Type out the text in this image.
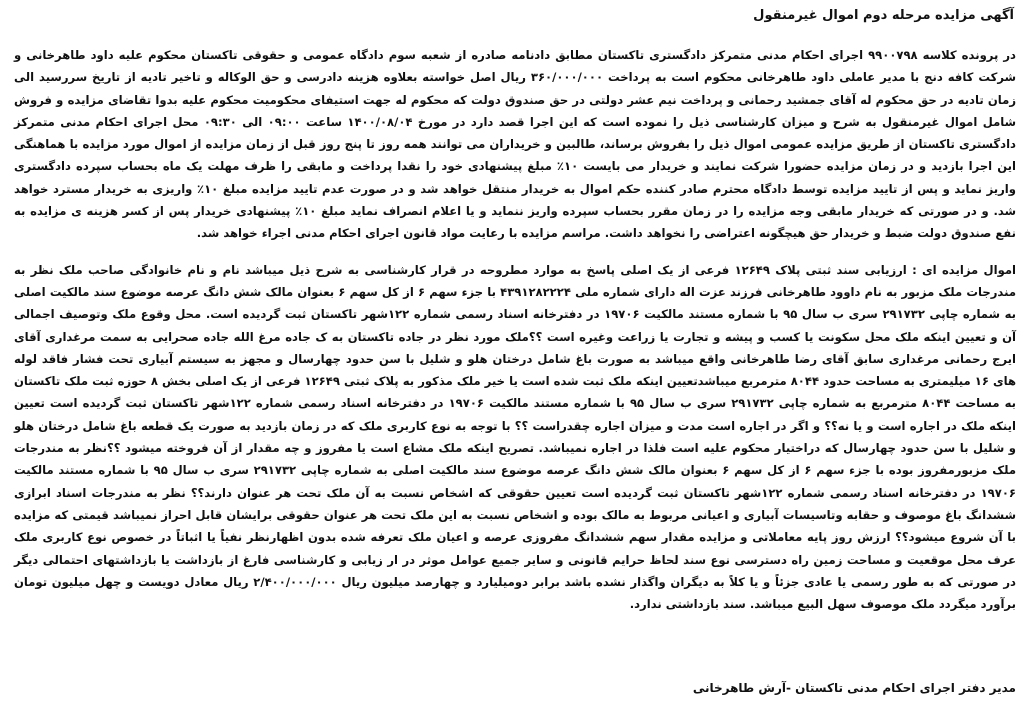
آگهی مزایده مرحله دوم اموال غیرمنقول

در پرونده کلاسه ۹۹۰۰۷۹۸ اجرای احکام مدنی متمرکز دادگستری تاکستان مطابق دادنامه صادره از شعبه سوم دادگاه عمومی و حقوقی تاکستان محکوم علیه داود طاهرخانی و شرکت کافه دنج با مدیر عاملی داود طاهرخانی محکوم است به پرداخت ۳۶۰/۰۰۰/۰۰۰ ریال اصل خواسته بعلاوه هزینه دادرسی و حق الوکاله و تاخیر تادیه از تاریخ سررسید الی زمان تادیه در حق محکوم له آقای جمشید رحمانی و پرداخت نیم عشر دولتی در حق صندوق دولت که محکوم له جهت استیفای محکومیت محکوم علیه بدوا تقاضای مزایده و فروش شامل اموال غیرمنقول به شرح و میزان کارشناسی ذیل را نموده است که این اجرا قصد دارد در مورخ ۱۴۰۰/۰۸/۰۴ ساعت ۰۹:۰۰ الی ۰۹:۳۰ محل اجرای احکام مدنی متمرکز دادگستری تاکستان از طریق مزایده عمومی اموال ذیل را بفروش برساند، طالبین و خریداران می توانند همه روز تا پنج روز قبل از زمان مزایده از اموال مورد مزایده با هماهنگی این اجرا بازدید و در زمان مزایده حضورا شرکت نمایند و خریدار می بایست ۱۰٪ مبلغ پیشنهادی خود را نقدا پرداخت و مابقی را ظرف مهلت یک ماه بحساب سپرده دادگستری واریز نماید و پس از تایید مزایده توسط دادگاه محترم صادر کننده حکم اموال به خریدار منتقل خواهد شد و در صورت عدم تایید مزایده مبلغ ۱۰٪ واریزی به خریدار مسترد خواهد شد. و در صورتی که خریدار مابقی وجه مزایده را در زمان مقرر بحساب سپرده واریز ننماید و یا اعلام انصراف نماید مبلغ ۱۰٪ پیشنهادی خریدار پس از کسر هزینه ی مزایده به نفع صندوق دولت ضبط و خریدار حق هیچگونه اعتراضی را نخواهد داشت. مراسم مزایده با رعایت مواد قانون اجرای احکام مدنی اجراء خواهد شد.

اموال مزایده ای : ارزیابی سند ثبتی پلاک ۱۲۶۴۹ فرعی از یک اصلی پاسخ به موارد مطروحه در قرار کارشناسی به شرح ذیل میباشد نام و نام خانوادگی صاحب ملک نظر به مندرجات ملک مزبور به نام داوود طاهرخانی فرزند عزت اله دارای شماره ملی ۴۳۹۱۲۸۲۲۲۴ با جزء سهم ۶ از کل سهم ۶ بعنوان مالک شش دانگ عرصه موضوع سند مالکیت اصلی به شماره چاپی ۲۹۱۷۳۲ سری ب سال ۹۵ با شماره مستند مالکیت ۱۹۷۰۶ در دفترخانه اسناد رسمی شماره ۱۲۲شهر تاکستان ثبت گردیده است. محل وقوع ملک وتوصیف اجمالی آن و تعیین اینکه ملک محل سکونت یا کسب و پیشه و تجارت یا زراعت وغیره است ؟؟ملک مورد نظر در جاده تاکستان به ک جاده مرغ الله جاده صحرایی به سمت مرغداری آقای ایرج رحمانی مرغداری سابق آقای رضا طاهرخانی واقع میباشد به صورت باغ شامل درختان هلو و شلیل با سن حدود چهارسال و مجهز به سیستم آبیاری تحت فشار فاقد لوله های ۱۶ میلیمتری به مساحت حدود ۸۰۴۴ مترمربع میباشدتعیین اینکه ملک ثبت شده است یا خیر ملک مذکور به پلاک ثبتی ۱۲۶۴۹ فرعی از یک اصلی بخش ۸ حوزه ثبت ملک تاکستان به مساحت ۸۰۴۴ مترمربع به شماره چاپی ۲۹۱۷۳۲ سری ب سال ۹۵ با شماره مستند مالکیت ۱۹۷۰۶ در دفترخانه اسناد رسمی شماره ۱۲۲شهر تاکستان ثبت گردیده است تعیین اینکه ملک در اجاره است و یا نه؟؟ و اگر در اجاره است مدت و میزان اجاره چقدراست ؟؟ با توجه به نوع کاربری ملک که در زمان بازدید به صورت یک قطعه باغ شامل درختان هلو و شلیل با سن حدود چهارسال که دراختیار محکوم علیه است فلذا در اجاره نمیباشد. تصریح اینکه ملک مشاع است یا مفروز و چه مقدار از آن فروخته میشود ؟؟نظر به مندرجات ملک مزبورمفروز بوده با جزء سهم ۶ از کل سهم ۶ بعنوان مالک شش دانگ عرصه موضوع سند مالکیت اصلی به شماره چاپی ۲۹۱۷۳۲ سری ب سال ۹۵ با شماره مستند مالکیت ۱۹۷۰۶ در دفترخانه اسناد رسمی شماره ۱۲۲شهر تاکستان ثبت گردیده است تعیین حقوقی که اشخاص نسبت به آن ملک تحت هر عنوان دارند؟؟ نظر به مندرجات اسناد ابرازی ششدانگ باغ موصوف و حقابه وتاسیسات آبیاری و اعیانی مربوط به مالک بوده و اشخاص نسبت به این ملک تحت هر عنوان حقوقی برایشان قابل احراز نمیباشد قیمتی که مزایده با آن شروع میشود؟؟ ارزش روز پایه معاملاتی و مزایده مقدار سهم ششدانگ مفروزی عرصه و اعیان ملک تعرفه شده بدون اظهارنظر نفیاً یا اثباتاً در خصوص نوع کاربری ملک عرف محل موقعیت و مساحت زمین راه دسترسی نوع سند لحاظ حرایم قانونی و سایر جمیع عوامل موثر در ار زیابی و کارشناسی فارغ از بازداشت یا بازداشتهای احتمالی دیگر در صورتی که به طور رسمی یا عادی جزئاً و یا کلاً به دیگران واگذار نشده باشد برابر دومیلیارد و چهارصد میلیون ریال ۲/۴۰۰/۰۰۰/۰۰۰ ریال معادل دویست و چهل میلیون تومان برآورد میگردد ملک موصوف سهل البیع میباشد. سند بازداشتی ندارد.

مدیر دفتر اجرای احکام مدنی تاکستان -آرش طاهرخانی
